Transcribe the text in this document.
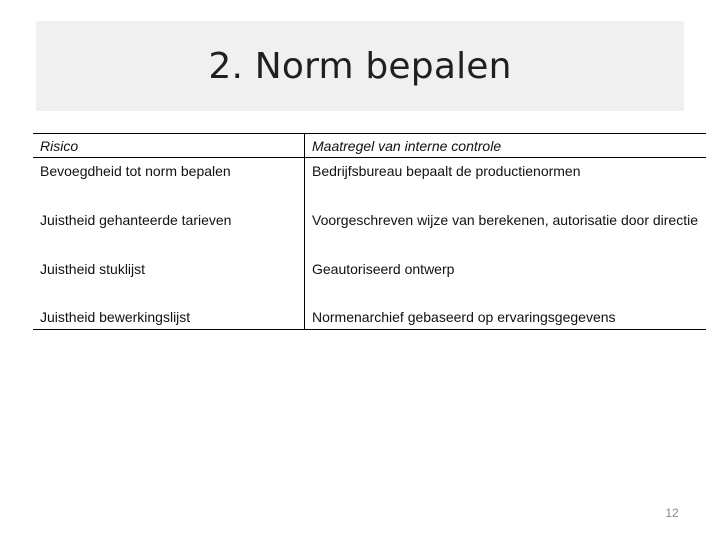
2. Norm bepalen
Risico	Maatregel van interne controle
Bevoegdheid tot norm bepalen	Bedrijfsbureau bepaalt de productienormen
Juistheid gehanteerde tarieven	Voorgeschreven wijze van berekenen, autorisatie door directie
Juistheid stuklijst	Geautoriseerd ontwerp
Juistheid bewerkingslijst	Normenarchief gebaseerd op ervaringsgegevens
12
